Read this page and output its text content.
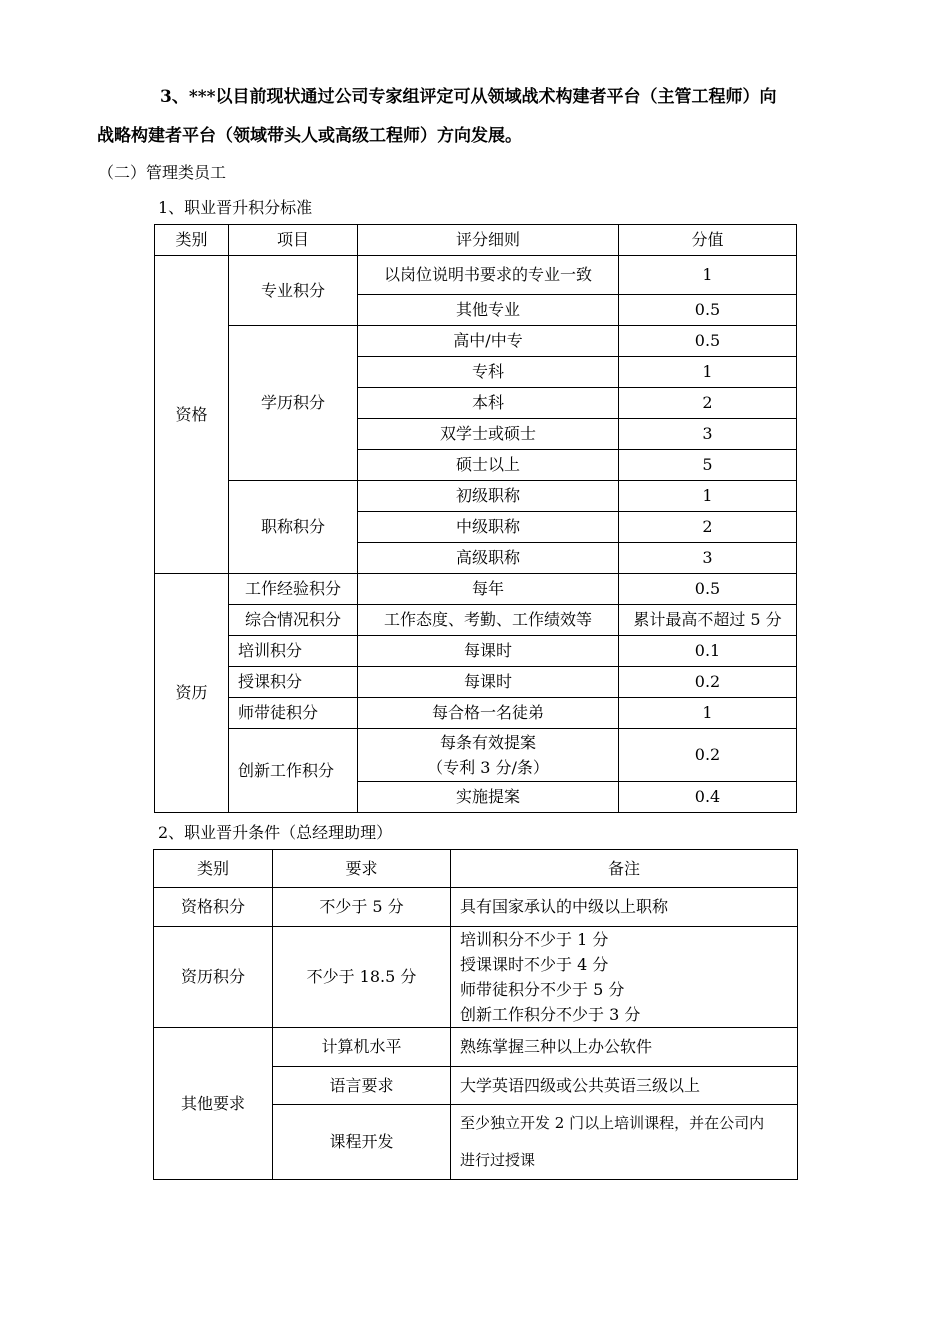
3、***以目前现状通过公司专家组评定可从领域战术构建者平台（主管工程师）向
战略构建者平台（领域带头人或高级工程师）方向发展。
（二）管理类员工
1、职业晋升积分标准
类别	项目	评分细则	分值
资格	专业积分	以岗位说明书要求的专业一致	1
		其他专业	0.5
	学历积分	高中/中专	0.5
		专科	1
		本科	2
		双学士或硕士	3
		硕士以上	5
	职称积分	初级职称	1
		中级职称	2
		高级职称	3
资历	工作经验积分	每年	0.5
	综合情况积分	工作态度、考勤、工作绩效等	累计最高不超过 5 分
	培训积分	每课时	0.1
	授课积分	每课时	0.2
	师带徒积分	每合格一名徒弟	1
	创新工作积分	每条有效提案
（专利 3 分/条）	0.2
		实施提案	0.4
2、职业晋升条件（总经理助理）
类别	要求	备注
资格积分	不少于 5 分	具有国家承认的中级以上职称
资历积分	不少于 18.5 分	培训积分不少于 1 分
授课课时不少于 4 分
师带徒积分不少于 5 分
创新工作积分不少于 3 分

其他要求	计算机水平	熟练掌握三种以上办公软件
	语言要求	大学英语四级或公共英语三级以上
	课程开发	至少独立开发 2 门以上培训课程，并在公司内
进行过授课
